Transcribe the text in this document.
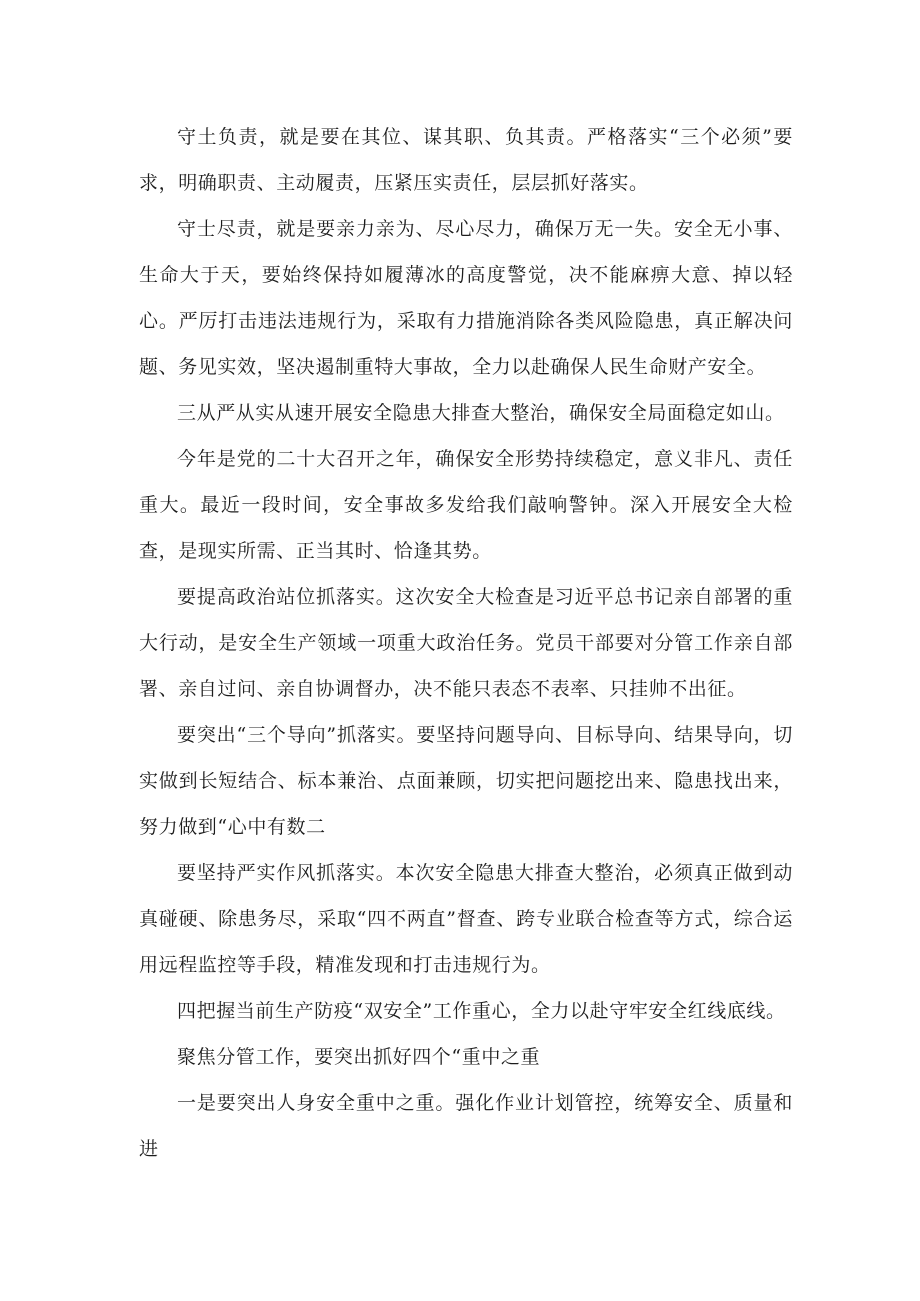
守土负责，就是要在其位、谋其职、负其责。严格落实“三个必须”要求，明确职责、主动履责，压紧压实责任，层层抓好落实。

守士尽责，就是要亲力亲为、尽心尽力，确保万无一失。安全无小事、生命大于天，要始终保持如履薄冰的高度警觉，决不能麻痹大意、掉以轻心。严厉打击违法违规行为，采取有力措施消除各类风险隐患，真正解决问题、务见实效，坚决遏制重特大事故，全力以赴确保人民生命财产安全。

三从严从实从速开展安全隐患大排查大整治，确保安全局面稳定如山。

今年是党的二十大召开之年，确保安全形势持续稳定，意义非凡、责任重大。最近一段时间，安全事故多发给我们敲响警钟。深入开展安全大检查，是现实所需、正当其时、恰逢其势。

要提高政治站位抓落实。这次安全大检查是习近平总书记亲自部署的重大行动，是安全生产领域一项重大政治任务。党员干部要对分管工作亲自部署、亲自过问、亲自协调督办，决不能只表态不表率、只挂帅不出征。

要突出“三个导向”抓落实。要坚持问题导向、目标导向、结果导向，切实做到长短结合、标本兼治、点面兼顾，切实把问题挖出来、隐患找出来，努力做到“心中有数二

要坚持严实作风抓落实。本次安全隐患大排查大整治，必须真正做到动真碰硬、除患务尽，采取“四不两直”督查、跨专业联合检查等方式，综合运用远程监控等手段，精准发现和打击违规行为。

四把握当前生产防疫“双安全”工作重心，全力以赴守牢安全红线底线。

聚焦分管工作，要突出抓好四个“重中之重

一是要突出人身安全重中之重。强化作业计划管控，统筹安全、质量和进
